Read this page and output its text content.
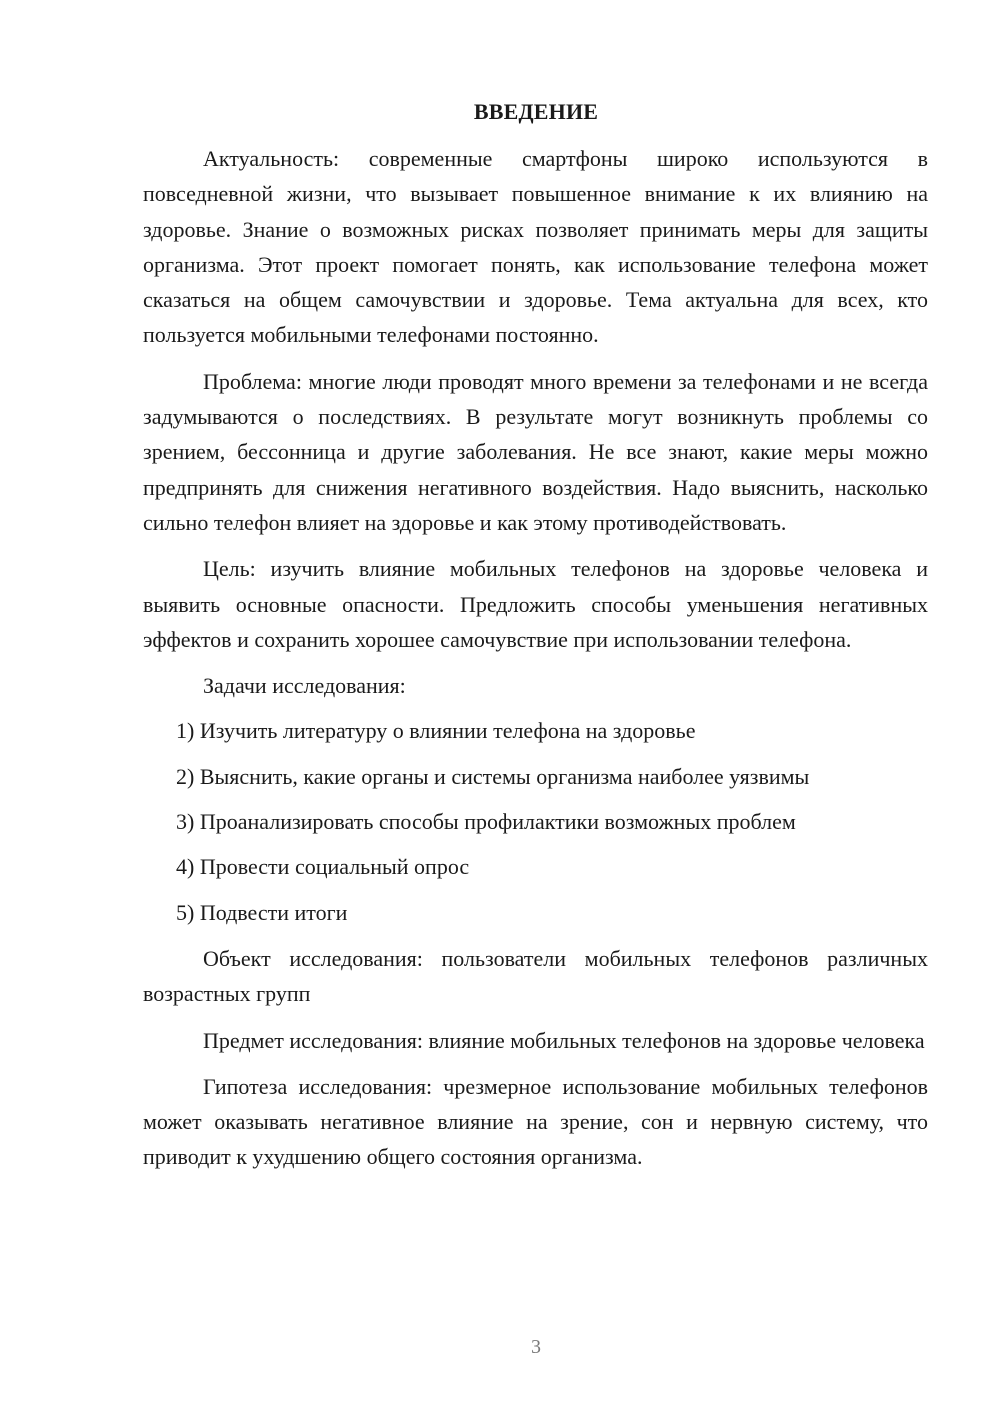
ВВЕДЕНИЕ

Актуальность: современные смартфоны широко используются в повседневной жизни, что вызывает повышенное внимание к их влиянию на здоровье. Знание о возможных рисках позволяет принимать меры для защиты организма. Этот проект помогает понять, как использование телефона может сказаться на общем самочувствии и здоровье. Тема актуальна для всех, кто пользуется мобильными телефонами постоянно.

Проблема: многие люди проводят много времени за телефонами и не всегда задумываются о последствиях. В результате могут возникнуть проблемы со зрением, бессонница и другие заболевания. Не все знают, какие меры можно предпринять для снижения негативного воздействия. Надо выяснить, насколько сильно телефон влияет на здоровье и как этому противодействовать.

Цель: изучить влияние мобильных телефонов на здоровье человека и выявить основные опасности. Предложить способы уменьшения негативных эффектов и сохранить хорошее самочувствие при использовании телефона.

Задачи исследования:

1) Изучить литературу о влиянии телефона на здоровье
2) Выяснить, какие органы и системы организма наиболее уязвимы
3) Проанализировать способы профилактики возможных проблем
4) Провести социальный опрос
5) Подвести итоги

Объект исследования: пользователи мобильных телефонов различных возрастных групп

Предмет исследования: влияние мобильных телефонов на здоровье человека

Гипотеза исследования: чрезмерное использование мобильных телефонов может оказывать негативное влияние на зрение, сон и нервную систему, что приводит к ухудшению общего состояния организма.

3
